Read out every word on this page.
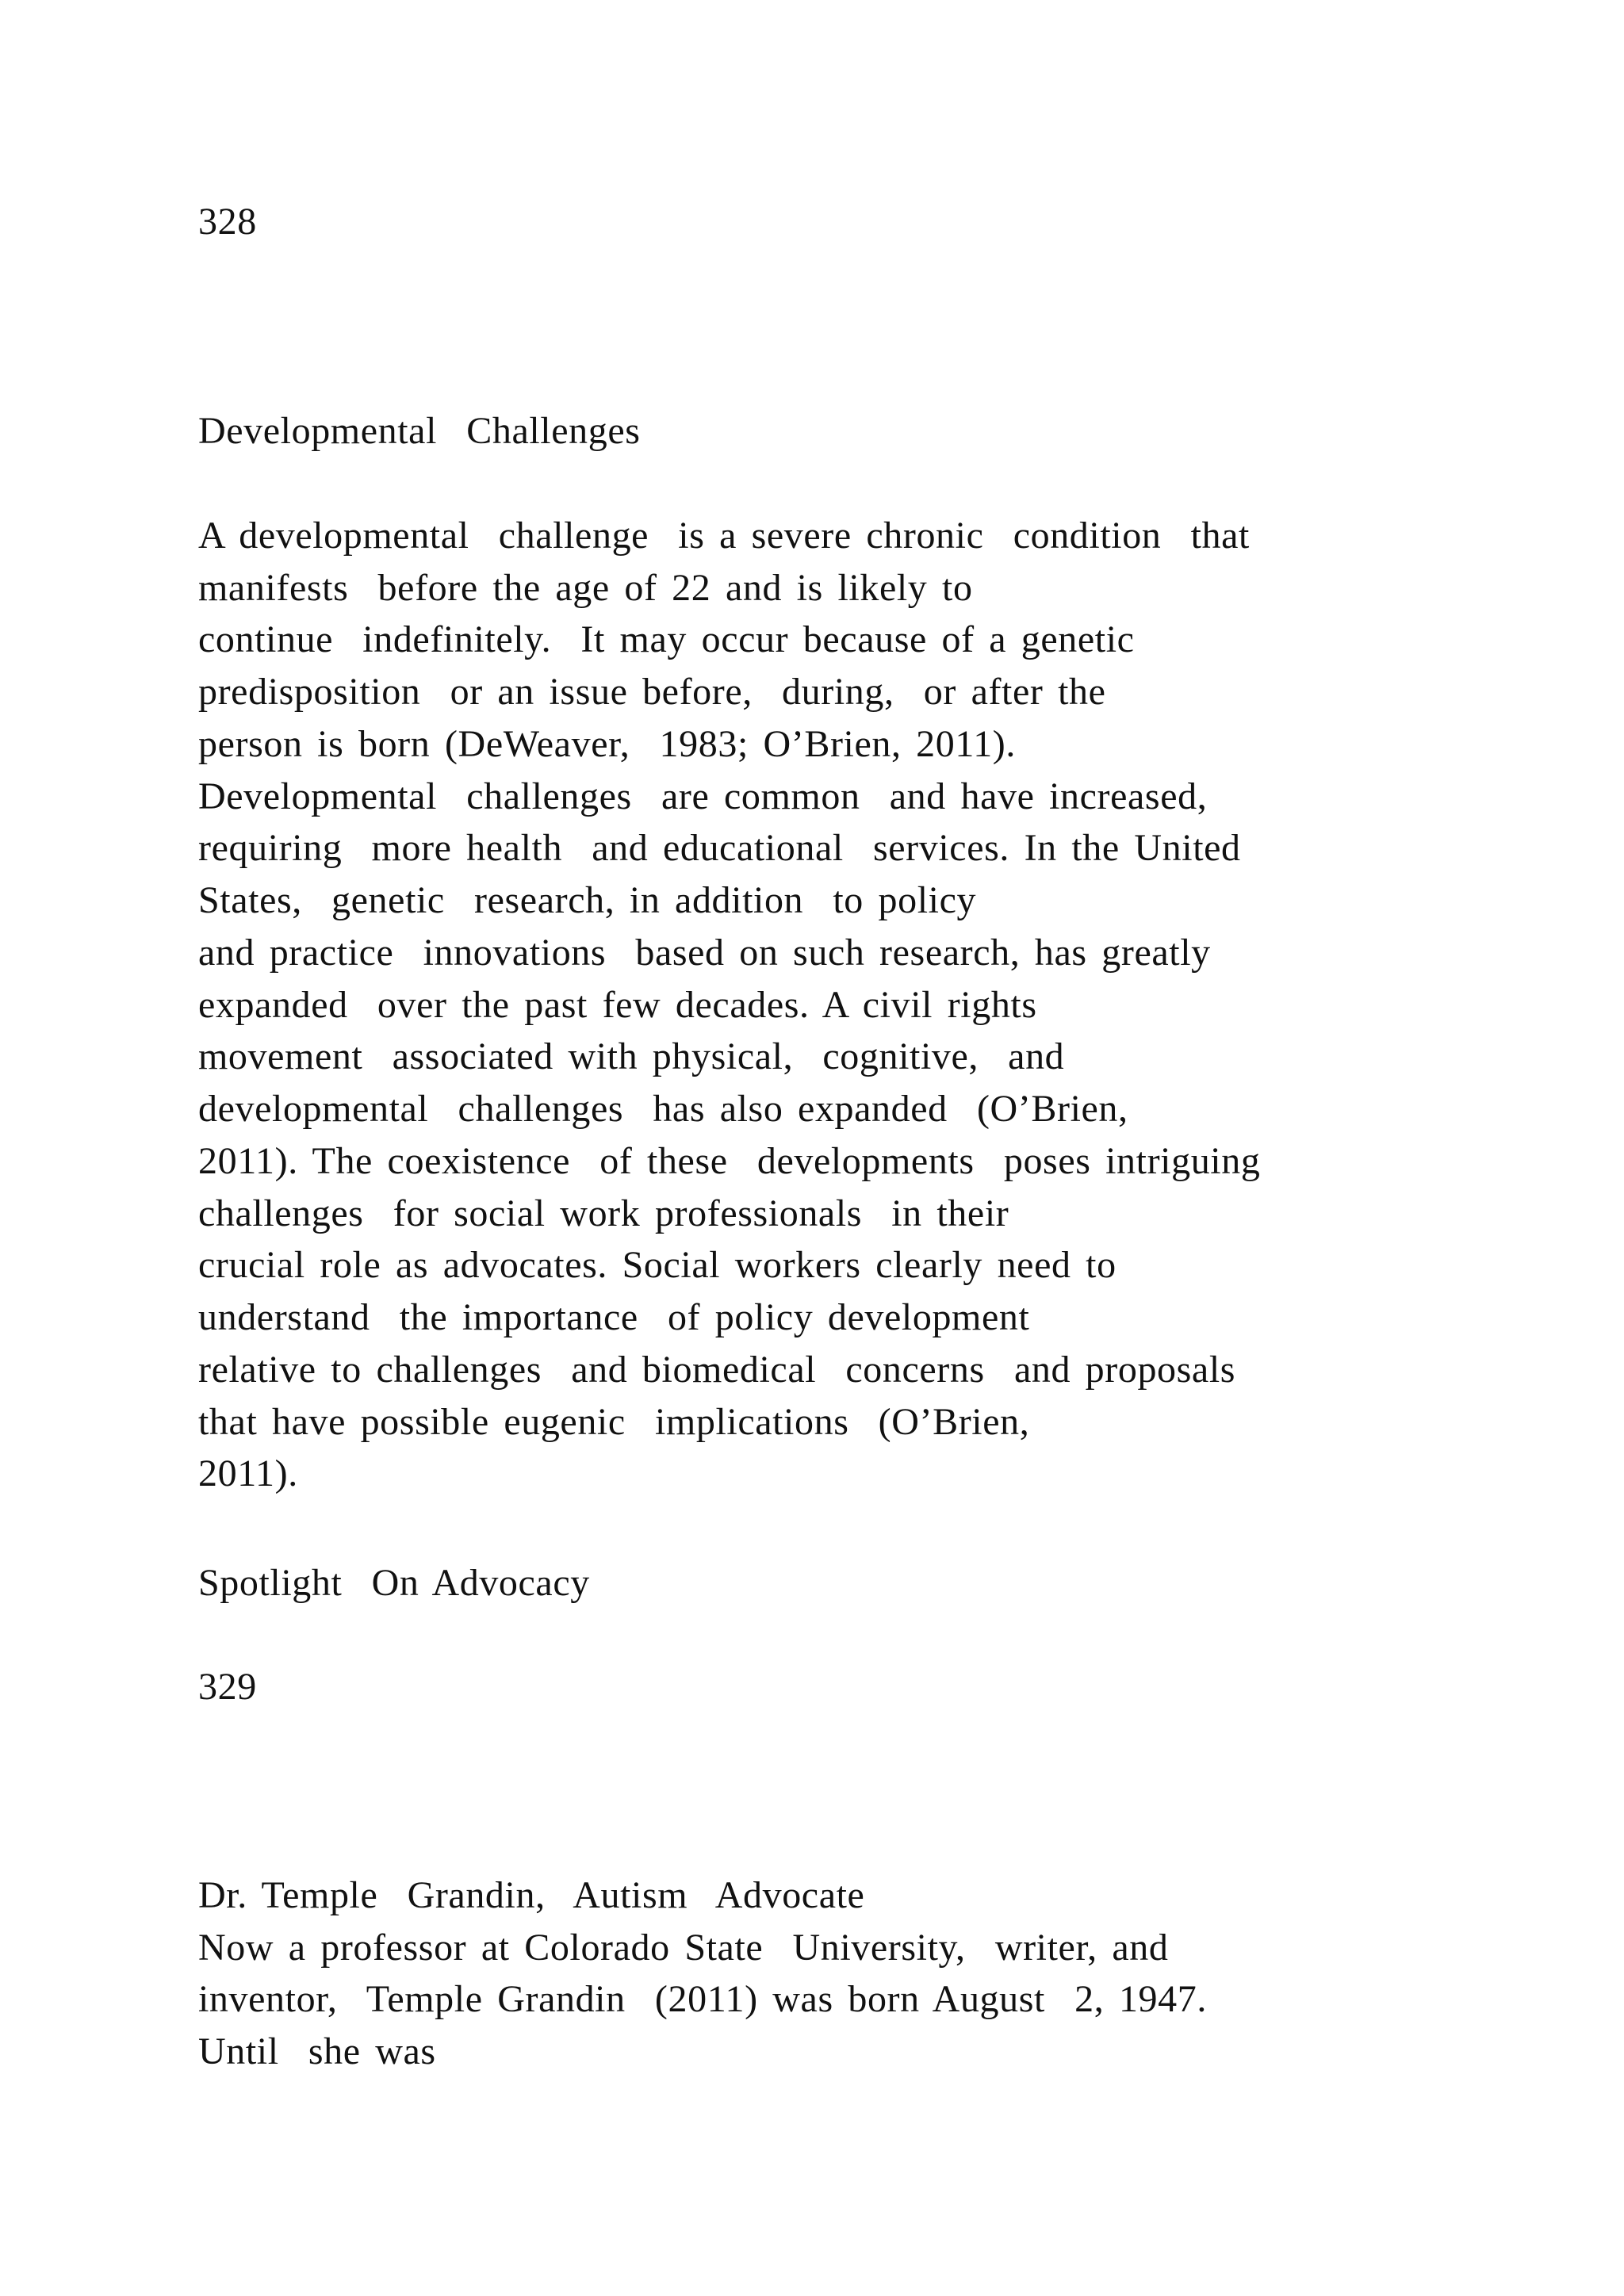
328
Developmental  Challenges
A developmental  challenge  is a severe chronic  condition  that
manifests  before the age of 22 and is likely to
continue  indefinitely.  It may occur because of a genetic
predisposition  or an issue before,  during,  or after the
person is born (DeWeaver,  1983; O’Brien, 2011).
Developmental  challenges  are common  and have increased,
requiring  more health  and educational  services. In the United
States,  genetic  research, in addition  to policy
and practice  innovations  based on such research, has greatly
expanded  over the past few decades. A civil rights
movement  associated with physical,  cognitive,  and
developmental  challenges  has also expanded  (O’Brien,
2011). The coexistence  of these  developments  poses intriguing
challenges  for social work professionals  in their
crucial role as advocates. Social workers clearly need to
understand  the importance  of policy development
relative to challenges  and biomedical  concerns  and proposals
that have possible eugenic  implications  (O’Brien,
2011).
Spotlight  On Advocacy
329
Dr. Temple  Grandin,  Autism  Advocate
Now a professor at Colorado State  University,  writer, and
inventor,  Temple Grandin  (2011) was born August  2, 1947.
Until  she was
